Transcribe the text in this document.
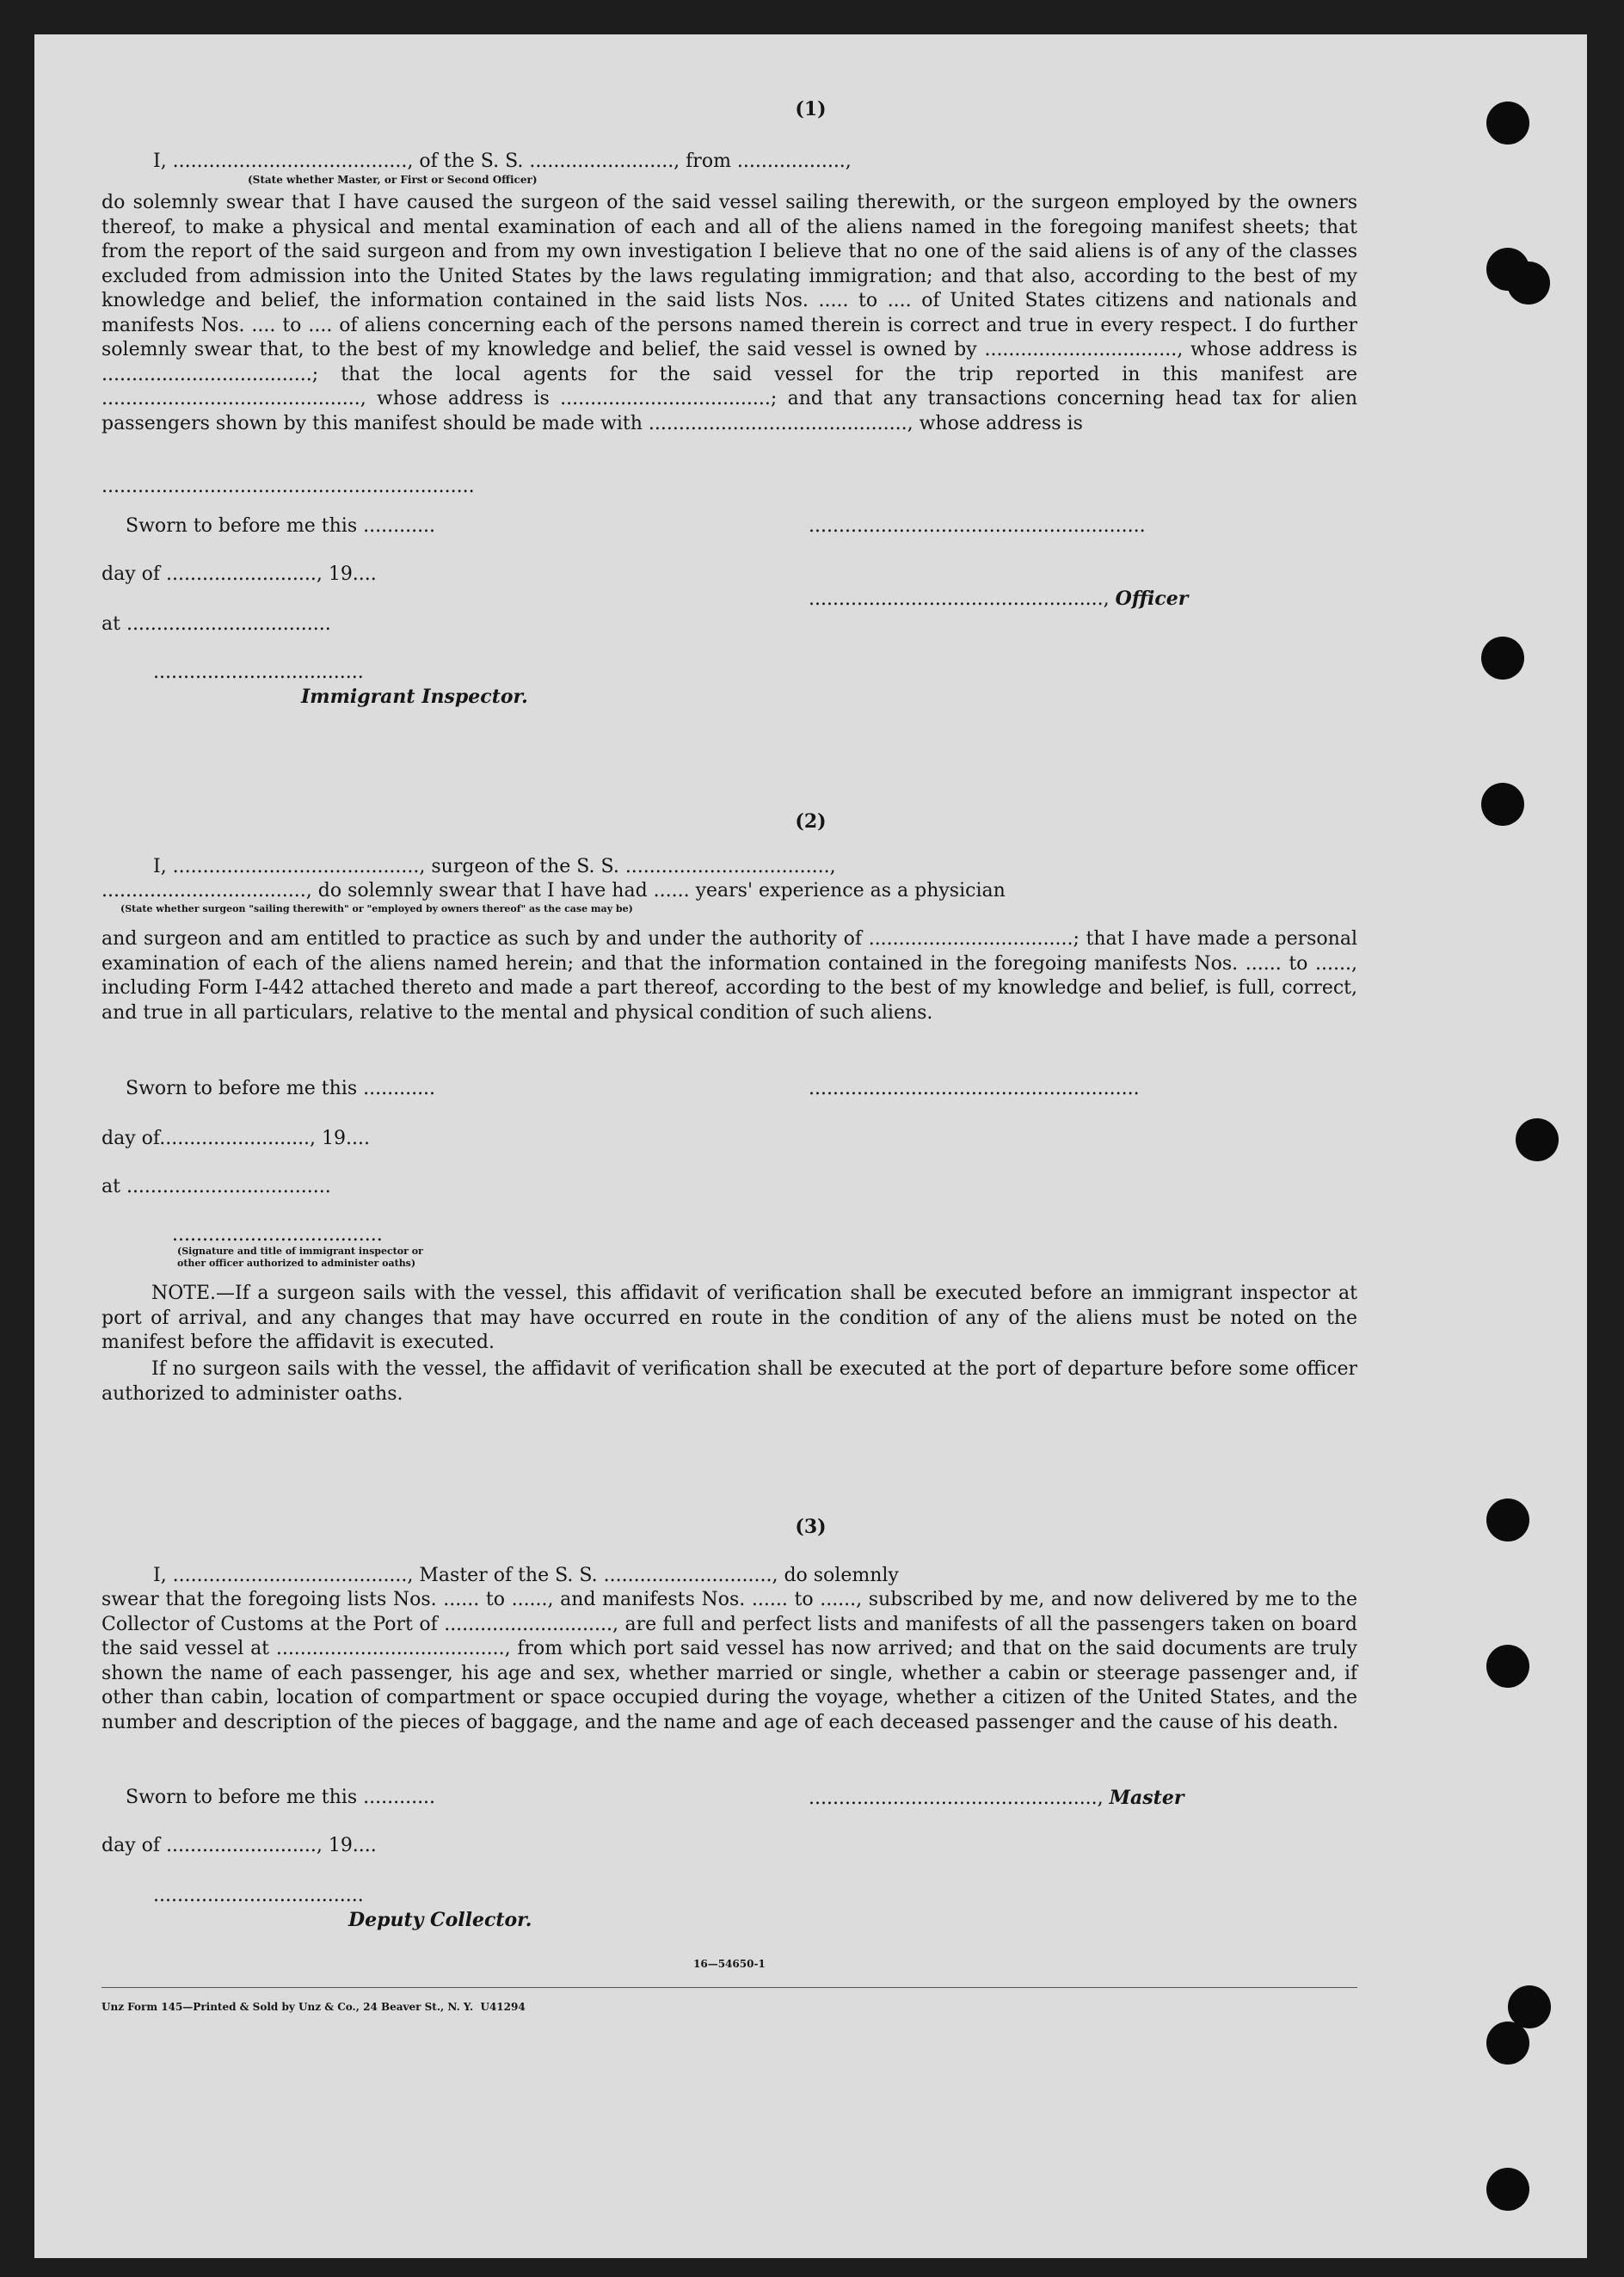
(1)
I, ......................................., of the S. S. ........................, from ..................,
(State whether Master, or First or Second Officer)
do solemnly swear that I have caused the surgeon of the said vessel sailing therewith, or the surgeon employed by the owners thereof, to make a physical and mental examination of each and all of the aliens named in the foregoing manifest sheets; that from the report of the said surgeon and from my own investigation I believe that no one of the said aliens is of any of the classes excluded from admission into the United States by the laws regulating immigration; and that also, according to the best of my knowledge and belief, the information contained in the said lists Nos. ..... to .... of United States citizens and nationals and manifests Nos. .... to .... of aliens concerning each of the persons named therein is correct and true in every respect. I do further solemnly swear that, to the best of my knowledge and belief, the said vessel is owned by ................................, whose address is ...................................; that the local agents for the said vessel for the trip reported in this manifest are ..........................................., whose address is ...................................; and that any transactions concerning head tax for alien passengers shown by this manifest should be made with ..........................................., whose address is
..............................................................
Sworn to before me this ............
day of ........................., 19....
at ..................................
...................................
Immigrant Inspector.
........................................................
................................................., Officer
(2)
I, ........................................., surgeon of the S. S. ..................................,
.................................., do solemnly swear that I have had ...... years' experience as a physician
(State whether surgeon "sailing therewith" or "employed by owners thereof" as the case may be)
and surgeon and am entitled to practice as such by and under the authority of ..................................; that I have made a personal examination of each of the aliens named herein; and that the information contained in the foregoing manifests Nos. ...... to ......, including Form I-442 attached thereto and made a part thereof, according to the best of my knowledge and belief, is full, correct, and true in all particulars, relative to the mental and physical condition of such aliens.
Sworn to before me this ............
day of........................., 19....
at ..................................
.......................................................
...................................
(Signature and title of immigrant inspector or
other officer authorized to administer oaths)
NOTE.—If a surgeon sails with the vessel, this affidavit of verification shall be executed before an immigrant inspector at port of arrival, and any changes that may have occurred en route in the condition of any of the aliens must be noted on the manifest before the affidavit is executed.
If no surgeon sails with the vessel, the affidavit of verification shall be executed at the port of departure before some officer authorized to administer oaths.
(3)
I, ......................................., Master of the S. S. ............................, do solemnly
swear that the foregoing lists Nos. ...... to ......, and manifests Nos. ...... to ......, subscribed by me, and now delivered by me to the Collector of Customs at the Port of ............................, are full and perfect lists and manifests of all the passengers taken on board the said vessel at ......................................, from which port said vessel has now arrived; and that on the said documents are truly shown the name of each passenger, his age and sex, whether married or single, whether a cabin or steerage passenger and, if other than cabin, location of compartment or space occupied during the voyage, whether a citizen of the United States, and the number and description of the pieces of baggage, and the name and age of each deceased passenger and the cause of his death.
Sworn to before me this ............
day of ........................., 19....
...................................
Deputy Collector.
................................................, Master
16—54650-1
Unz Form 145—Printed & Sold by Unz & Co., 24 Beaver St., N. Y.  U41294
